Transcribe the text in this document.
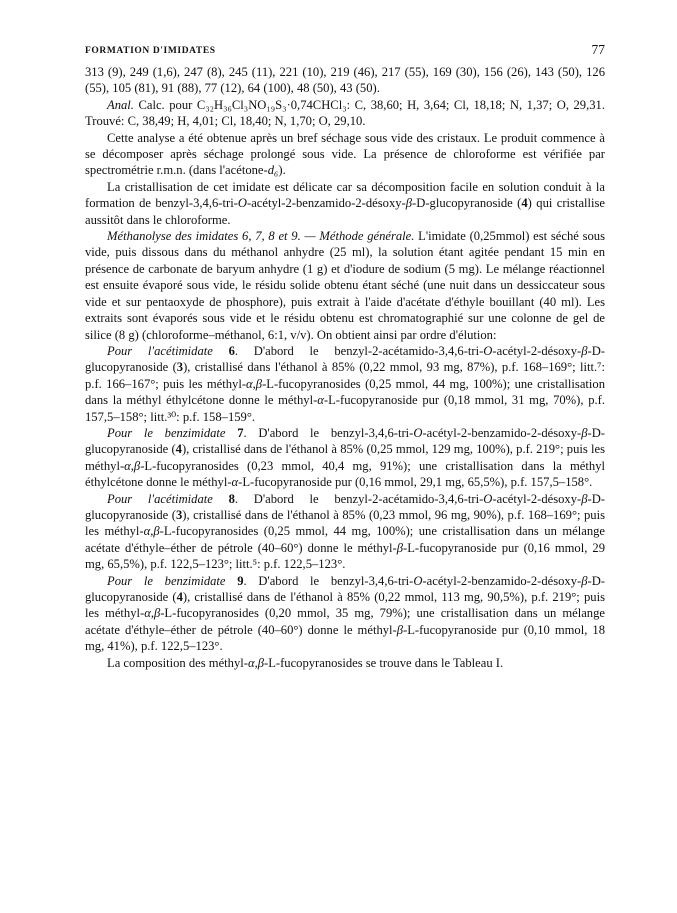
FORMATION D'IMIDATES	77

313 (9), 249 (1,6), 247 (8), 245 (11), 221 (10), 219 (46), 217 (55), 169 (30), 156 (26), 143 (50), 126 (55), 105 (81), 91 (88), 77 (12), 64 (100), 48 (50), 43 (50).

Anal. Calc. pour C₃₂H₃₆Cl₃NO₁₉S₃·0,74CHCl₃: C, 38,60; H, 3,64; Cl, 18,18; N, 1,37; O, 29,31. Trouvé: C, 38,49; H, 4,01; Cl, 18,40; N, 1,70; O, 29,10.

Cette analyse a été obtenue après un bref séchage sous vide des cristaux. Le produit commence à se décomposer après séchage prolongé sous vide. La présence de chloroforme est vérifiée par spectrométrie r.m.n. (dans l'acétone-d₆).

La cristallisation de cet imidate est délicate car sa décomposition facile en solution conduit à la formation de benzyl-3,4,6-tri-O-acétyl-2-benzamido-2-désoxy-β-D-glucopyranoside (4) qui cristallise aussitôt dans le chloroforme.

Méthanolyse des imidates 6, 7, 8 et 9. — Méthode générale. L'imidate (0,25mmol) est séché sous vide, puis dissous dans du méthanol anhydre (25 ml), la solution étant agitée pendant 15 min en présence de carbonate de baryum anhydre (1 g) et d'iodure de sodium (5 mg). Le mélange réactionnel est ensuite évaporé sous vide, le résidu solide obtenu étant séché (une nuit dans un dessiccateur sous vide et sur pentaoxyde de phosphore), puis extrait à l'aide d'acétate d'éthyle bouillant (40 ml). Les extraits sont évaporés sous vide et le résidu obtenu est chromatographié sur une colonne de gel de silice (8 g) (chloroforme–méthanol, 6:1, v/v). On obtient ainsi par ordre d'élution:

Pour l'acétimidate 6. D'abord le benzyl-2-acétamido-3,4,6-tri-O-acétyl-2-désoxy-β-D-glucopyranoside (3), cristallisé dans l'éthanol à 85% (0,22 mmol, 93 mg, 87%), p.f. 168–169°; litt.⁷: p.f. 166–167°; puis les méthyl-α,β-L-fucopyranosides (0,25 mmol, 44 mg, 100%); une cristallisation dans la méthyl éthylcétone donne le méthyl-α-L-fucopyranoside pur (0,18 mmol, 31 mg, 70%), p.f. 157,5–158°; litt.³⁰: p.f. 158–159°.

Pour le benzimidate 7. D'abord le benzyl-3,4,6-tri-O-acétyl-2-benzamido-2-désoxy-β-D-glucopyranoside (4), cristallisé dans de l'éthanol à 85% (0,25 mmol, 129 mg, 100%), p.f. 219°; puis les méthyl-α,β-L-fucopyranosides (0,23 mmol, 40,4 mg, 91%); une cristallisation dans la méthyl éthylcétone donne le méthyl-α-L-fucopyranoside pur (0,16 mmol, 29,1 mg, 65,5%), p.f. 157,5–158°.

Pour l'acétimidate 8. D'abord le benzyl-2-acétamido-3,4,6-tri-O-acétyl-2-désoxy-β-D-glucopyranoside (3), cristallisé dans de l'éthanol à 85% (0,23 mmol, 96 mg, 90%), p.f. 168–169°; puis les méthyl-α,β-L-fucopyranosides (0,25 mmol, 44 mg, 100%); une cristallisation dans un mélange acétate d'éthyle–éther de pétrole (40–60°) donne le méthyl-β-L-fucopyranoside pur (0,16 mmol, 29 mg, 65,5%), p.f. 122,5–123°; litt.⁵: p.f. 122,5–123°.

Pour le benzimidate 9. D'abord le benzyl-3,4,6-tri-O-acétyl-2-benzamido-2-désoxy-β-D-glucopyranoside (4), cristallisé dans de l'éthanol à 85% (0,22 mmol, 113 mg, 90,5%), p.f. 219°; puis les méthyl-α,β-L-fucopyranosides (0,20 mmol, 35 mg, 79%); une cristallisation dans un mélange acétate d'éthyle–éther de pétrole (40–60°) donne le méthyl-β-L-fucopyranoside pur (0,10 mmol, 18 mg, 41%), p.f. 122,5–123°.

La composition des méthyl-α,β-L-fucopyranosides se trouve dans le Tableau I.
